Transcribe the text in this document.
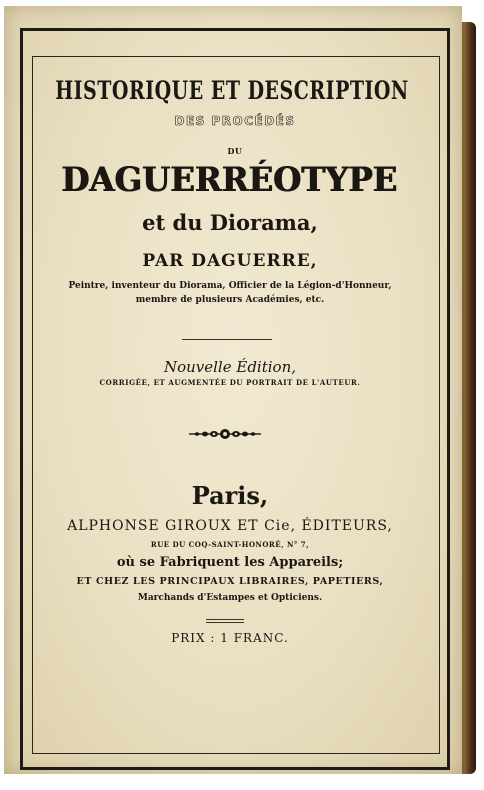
HISTORIQUE ET DESCRIPTION

DES PROCÉDÉS

DU

DAGUERRÉOTYPE

et du Diorama,

PAR DAGUERRE,

Peintre, inventeur du Diorama, Officier de la Légion-d'Honneur,

membre de plusieurs Académies, etc.

Nouvelle Édition,

CORRIGÉE, ET AUGMENTÉE DU PORTRAIT DE L'AUTEUR.

Paris,

ALPHONSE GIROUX ET Cie, ÉDITEURS,

RUE DU COQ-SAINT-HONORÉ, N° 7,

où se Fabriquent les Appareils;

ET CHEZ LES PRINCIPAUX LIBRAIRES, PAPETIERS,

Marchands d'Estampes et Opticiens.

PRIX : 1 FRANC.
